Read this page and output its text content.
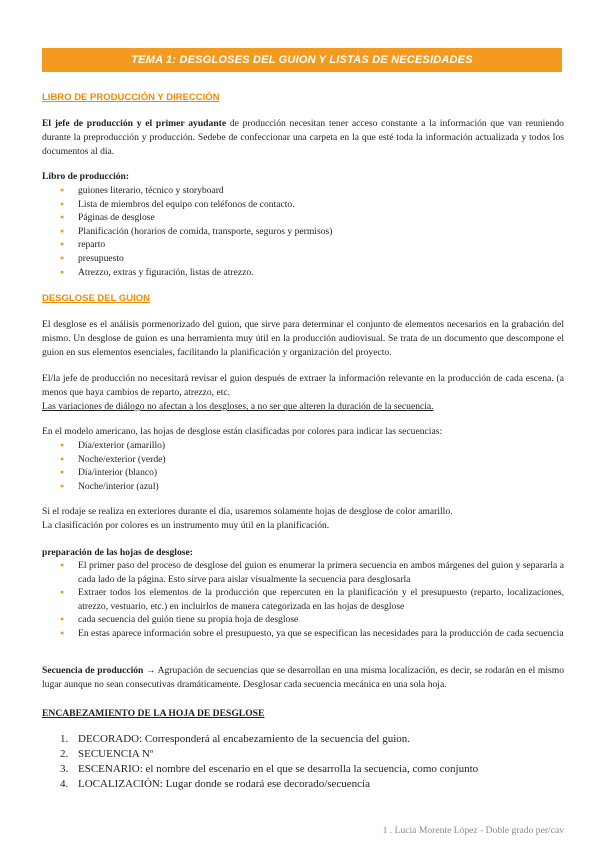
TEMA 1: DESGLOSES DEL GUION Y LISTAS DE NECESIDADES
LIBRO DE PRODUCCIÓN Y DIRECCIÓN

El jefe de producción y el primer ayudante de producción necesitan tener acceso constante a la información que van reuniendo durante la preproducción y producción. Sedebe de confeccionar una carpeta en la que esté toda la información actualizada y todos los documentos al día.

Libro de producción:
● guiones literario, técnico y storyboard
● Lista de miembros del equipo con teléfonos de contacto.
● Páginas de desglose
● Planificación (horarios de comida, transporte, seguros y permisos)
● reparto
● presupuesto
● Atrezzo, extras y figuración, listas de atrezzo.
DESGLOSE DEL GUION

El desglose es el análisis pormenorizado del guion, que sirve para determinar el conjunto de elementos necesarios en la grabación del mismo. Un desglose de guion es una herramienta muy útil en la producción audiovisual. Se trata de un documento que descompone el guion en sus elementos esenciales, facilitando la planificación y organización del proyecto.

El/la jefe de producción no necesitará revisar el guion después de extraer la información relevante en la producción de cada escena. (a menos que haya cambios de reparto, atrezzo, etc.
Las variaciones de diálogo no afectan a los desgloses, a no ser que alteren la duración de la secuencia.

En el modelo americano, las hojas de desglose están clasificadas por colores para indicar las secuencias:
● Día/exterior (amarillo)
● Noche/exterior (verde)
● Día/interior (blanco)
● Noche/interior (azul)
Si el rodaje se realiza en exteriores durante el día, usaremos solamente hojas de desglose de color amarillo.
La clasificación por colores es un instrumento muy útil en la planificación.
preparación de las hojas de desglose:
● El primer paso del proceso de desglose del guion es enumerar la primera secuencia en ambos márgenes del guion y separarla a cada lado de la página. Esto sirve para aislar visualmente la secuencia para desglosarla
● Extraer todos los elementos de la producción que repercuten en la planificación y el presupuesto (reparto, localizaciones, atrezzo, vestuario, etc.) en incluirlos de manera categorizada en las hojas de desglose
● cada secuencia del guión tiene su propia hoja de desglose
● En estas aparece información sobre el presupuesto, ya que se especifican las necesidades para la producción de cada secuencia

Secuencia de producción → Agrupación de secuencias que se desarrollan en una misma localización, es decir, se rodarán en el mismo lugar aunque no sean consecutivas dramáticamente. Desglosar cada secuencia mecánica en una sola hoja.

ENCABEZAMIENTO DE LA HOJA DE DESGLOSE
1. DECORADO: Corresponderá al encabezamiento de la secuencia del guion.
2. SECUENCIA Nº
3. ESCENARIO: el nombre del escenario en el que se desarrolla la secuencia, como conjunto
4. LOCALIZACIÓN: Lugar donde se rodará ese decorado/secuencia
1 . Lucia Morente López - Doble grado per/cav
